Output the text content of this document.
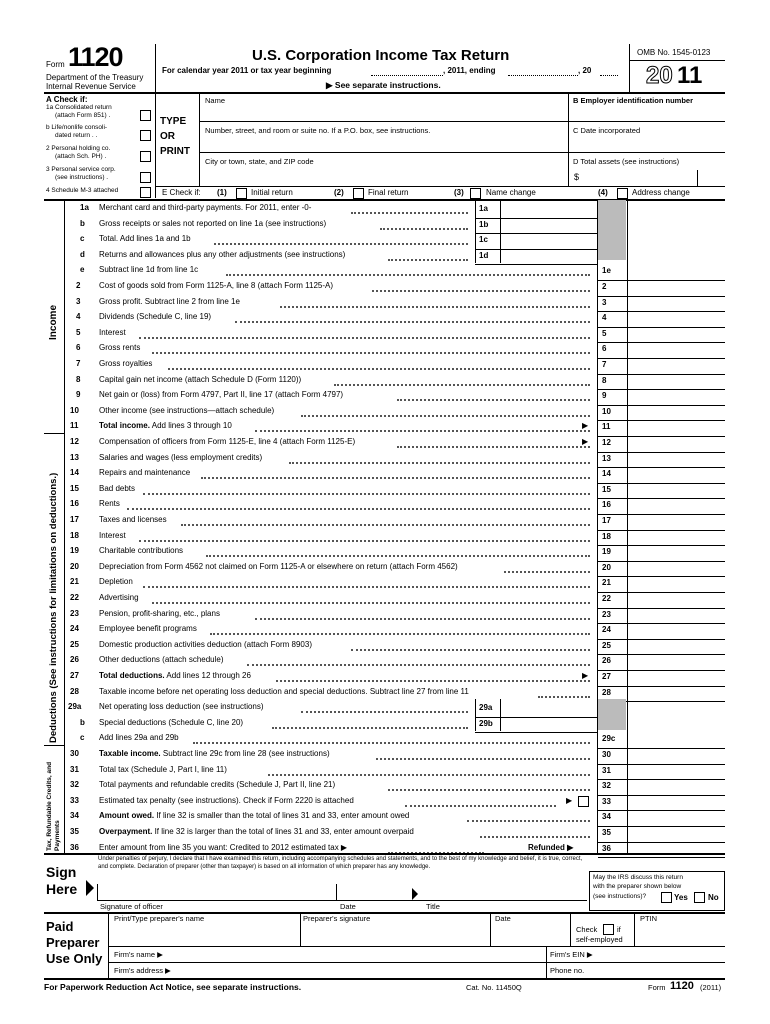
Form 1120
Department of the Treasury
Internal Revenue Service
U.S. Corporation Income Tax Return
For calendar year 2011 or tax year beginning	, 2011, ending	, 20
▶ See separate instructions.
OMB No. 1545-0123
20 11
A Check if:
1a Consolidated return
(attach Form 851) .
b Life/nonlife consoli-
dated return . .
2 Personal holding co.
(attach Sch. PH) .
3 Personal service corp.
(see instructions) .
4 Schedule M-3 attached
TYPE
OR
PRINT
Name
Number, street, and room or suite no. If a P.O. box, see instructions.
City or town, state, and ZIP code
B Employer identification number
C Date incorporated
D Total assets (see instructions)
$
E Check if: (1)	Initial return	(2)	Final return	(3)	Name change	(4)	Address change
Income
Deductions (See instructions for limitations on deductions.)
Tax, Refundable Credits, and Payments
1a Merchant card and third-party payments. For 2011, enter -0-	1a
b Gross receipts or sales not reported on line 1a (see instructions)	1b
c Total. Add lines 1a and 1b	1c
d Returns and allowances plus any other adjustments (see instructions)	1d
e Subtract line 1d from line 1c	1e
2 Cost of goods sold from Form 1125-A, line 8 (attach Form 1125-A)	2
3 Gross profit. Subtract line 2 from line 1e	3
4 Dividends (Schedule C, line 19)	4
5 Interest	5
6 Gross rents	6
7 Gross royalties	7
8 Capital gain net income (attach Schedule D (Form 1120))	8
9 Net gain or (loss) from Form 4797, Part II, line 17 (attach Form 4797)	9
10	Other income (see instructions—attach schedule)	10
11	Total income. Add lines 3 through 10	11
▶
12	Compensation of officers from Form 1125-E, line 4 (attach Form 1125-E)	12
▶
13	Salaries and wages (less employment credits)	13
14	Repairs and maintenance	14
15	Bad debts	15
16	Rents	16
17	Taxes and licenses	17
18	Interest	18
19	Charitable contributions	19
20	Depreciation from Form 4562 not claimed on Form 1125-A or elsewhere on return (attach Form 4562)	20
21	Depletion	21
22	Advertising	22
23	Pension, profit-sharing, etc., plans	23
24	Employee benefit programs	24
25	Domestic production activities deduction (attach Form 8903)	25
26	Other deductions (attach schedule)	26
27	Total deductions. Add lines 12 through 26	27
▶
28	Taxable income before net operating loss deduction and special deductions. Subtract line 27 from line 11	28
29a Net operating loss deduction (see instructions)	29a
b Special deductions (Schedule C, line 20)	29b
c Add lines 29a and 29b	29c
30	Taxable income. Subtract line 29c from line 28 (see instructions)	30
31	Total tax (Schedule J, Part I, line 11)	31
32	Total payments and refundable credits (Schedule J, Part II, line 21)	32
33	Estimated tax penalty (see instructions). Check if Form 2220 is attached	33
▶
34	Amount owed. If line 32 is smaller than the total of lines 31 and 33, enter amount owed	34
35	Overpayment. If line 32 is larger than the total of lines 31 and 33, enter amount overpaid	35
36	Enter amount from line 35 you want: Credited to 2012 estimated tax ▶	36
Refunded ▶
Under penalties of perjury, I declare that I have examined this return, including accompanying schedules and statements, and to the best of my knowledge and belief, it is true, correct,
and complete. Declaration of preparer (other than taxpayer) is based on all information of which preparer has any knowledge.
Sign
Here
Signature of officer	Date	Title
May the IRS discuss this return
with the preparer shown below
(see instructions)?	Yes	No
Paid
Preparer
Use Only
Print/Type preparer's name	Preparer's signature	Date
Check	if
self-employed
PTIN
Firm's name ▶	Firm's EIN ▶
Firm's address ▶	Phone no.
For Paperwork Reduction Act Notice, see separate instructions.	Cat. No. 11450Q	Form 1120 (2011)
